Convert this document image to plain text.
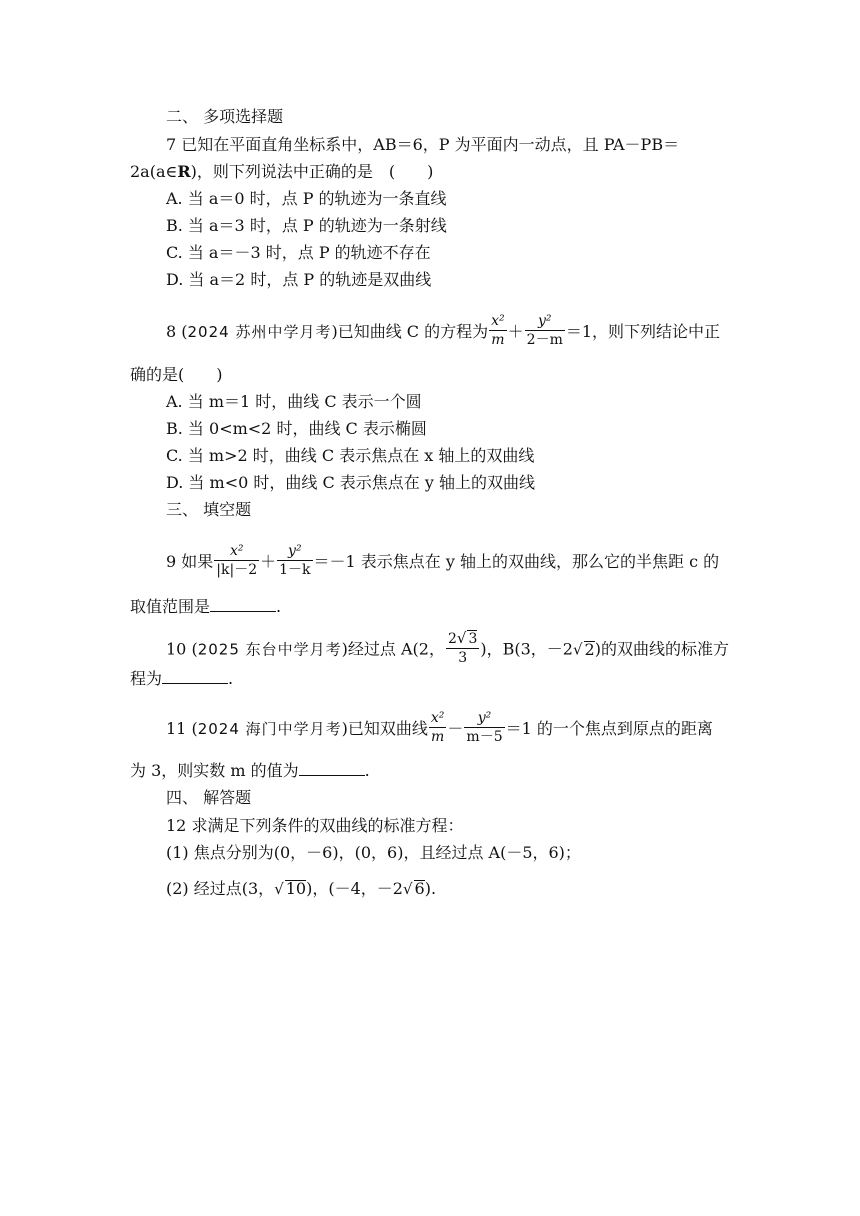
二、 多项选择题
7 已知在平面直角坐标系中，AB＝6，P 为平面内一动点，且 PA－PB＝
2a(a∈R)，则下列说法中正确的是　(　　)
A. 当 a＝0 时，点 P 的轨迹为一条直线
B. 当 a＝3 时，点 P 的轨迹为一条射线
C. 当 a＝－3 时，点 P 的轨迹不存在
D. 当 a＝2 时，点 P 的轨迹是双曲线
8 (2024 苏州中学月考)已知曲线 C 的方程为 $\frac{\text{x²}}{m} + \frac{\text{y²}}{2-m} =1$，则下列结论中正
确的是(　　)
A. 当 m＝1 时，曲线 C 表示一个圆
B. 当 0<m<2 时，曲线 C 表示椭圆
C. 当 m>2 时，曲线 C 表示焦点在 x 轴上的双曲线
D. 当 m<0 时，曲线 C 表示焦点在 y 轴上的双曲线
三、 填空题
9 如果 $\frac{\text{x²}}{|k|-2} + \frac{\text{y²}}{1-k} =-1$ 表示焦点在 y 轴上的双曲线，那么它的半焦距 c 的
取值范围是	.
10 (2025 东台中学月考)经过点 A(2， $\frac{2√ 3}{3}$ )，B(3，－2√ 2)的双曲线的标准方
程为	.
11 (2024 海门中学月考)已知双曲线 $\frac{\text{x²}}{m} - \frac{\text{y²}}{m-5} =1$ 的一个焦点到原点的距离
为 3，则实数 m 的值为	.
四、 解答题
12 求满足下列条件的双曲线的标准方程：
(1) 焦点分别为(0，－6)，(0，6)，且经过点 A(－5，6)；
(2) 经过点(3，√ 10)，(－4，－2√ 6).
